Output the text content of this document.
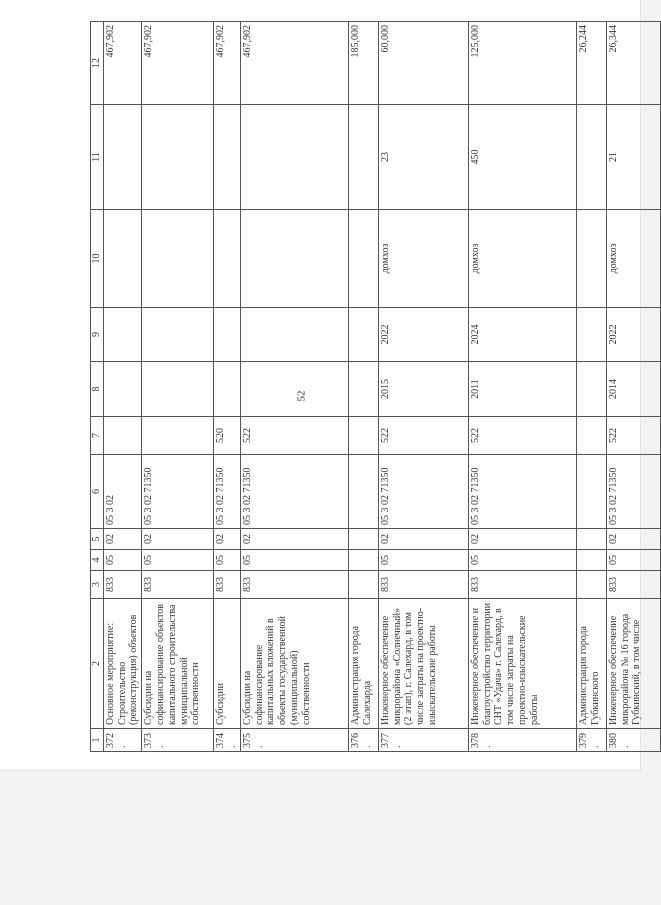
52
1	2	3	4	5	6	7	8	9	10	11	12
372.	Основное мероприятие: Строительство (реконструкция) объектов	833	05	02	05 3 02						467,902
373.	Субсидии на софинансирование объектов капитального строительства муниципальной собственности	833	05	02	05 3 02 71350						467,902
374.	Субсидии	833	05	02	05 3 02 71350	520					467,902
375.	Субсидии на софинансирование капитальных вложений в объекты государственной (муниципальной) собственности	833	05	02	05 3 02 71350	522					467,902
376.	Администрация города Салехарда										185,000
377.	Инженерное обеспечение микрорайона «Солнечный» (2 этап), г. Салехард, в том числе затраты на проектно-изыскательские работы	833	05	02	05 3 02 71350	522	2015	2022	домхоз	23	60,000
378.	Инженерное обеспечение и благоустройство территории СНТ «Удача» г. Салехард, в том числе затраты на проектно-изыскательские работы	833	05	02	05 3 02 71350	522	2011	2024	домхоз	450	125,000
379.	Администрация города Губкинского										26,244
380.	Инженерное обеспечение микрорайона № 16 города Губкинский, в том числе	833	05	02	05 3 02 71350	522	2014	2022	домхоз	21	26,344
